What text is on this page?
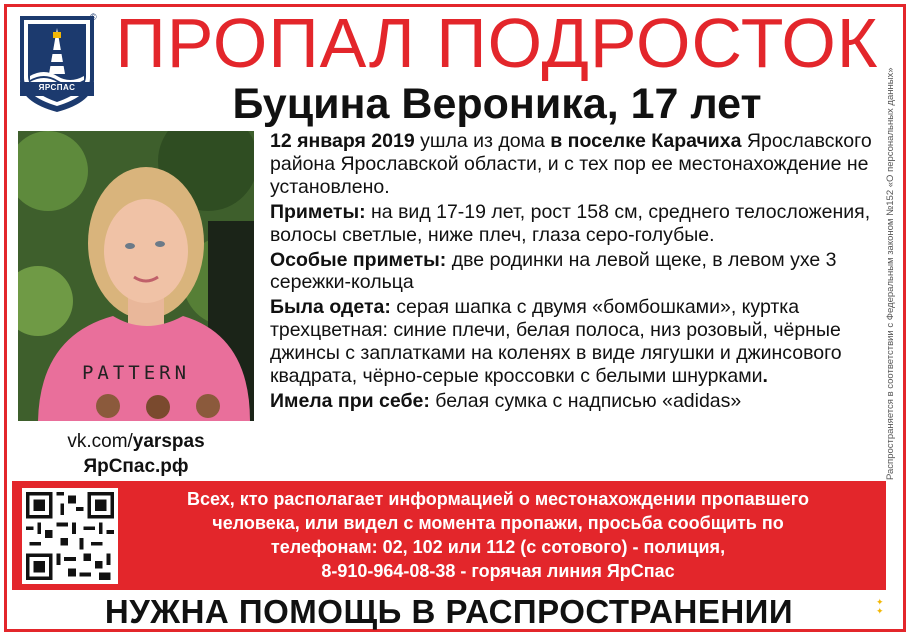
ЯРСПАС
© ПРОПАЛ ПОДРОСТОК
Буцина Вероника, 17 лет
PATTERN
vk.com/yarspas
ЯрСпас.рф

12 января 2019 ушла из дома в поселке Карачиха Ярославского района Ярославской области, и с тех пор ее местонахождение не установлено.

Приметы: на вид 17-19 лет, рост 158 см, среднего телосложения, волосы светлые, ниже плеч, глаза серо-голубые.

Особые приметы: две родинки на левой щеке, в левом ухе 3 сережки-кольца

Была одета: серая шапка с двумя «бомбошками», куртка трехцветная: синие плечи, белая полоса, низ розовый, чёрные джинсы с заплатками на коленях в виде лягушки и джинсового квадрата, чёрно-серые кроссовки с белыми шнурками.

Имела при себе: белая сумка с надписью «adidas»	Распространяется в соответствии с Федеральным законом №152 «О персональных данных»
Всех, кто располагает информацией о местонахождении пропавшего
человека, или видел с момента пропажи, просьба сообщить по
телефонам: 02, 102 или 112 (с сотового) - полиция,
8-910-964-08-38 - горячая линия ЯрСпас
НУЖНА ПОМОЩЬ В РАСПРОСТРАНЕНИИ	✦
✦
